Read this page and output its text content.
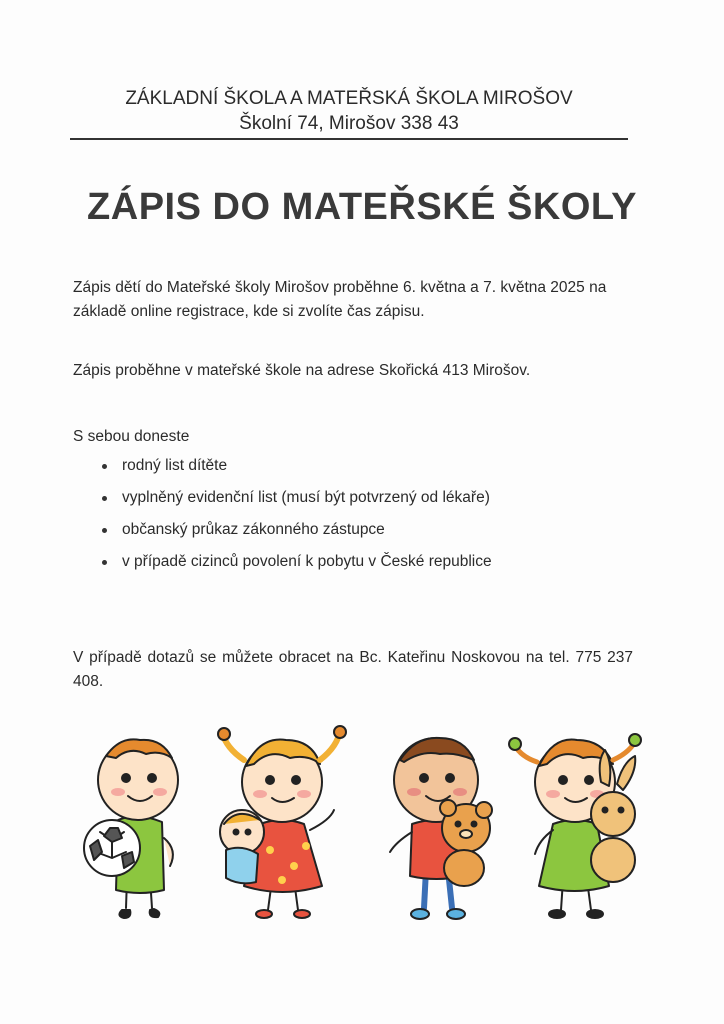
ZÁKLADNÍ ŠKOLA A MATEŘSKÁ ŠKOLA MIROŠOV
Školní 74, Mirošov 338 43
ZÁPIS DO MATEŘSKÉ ŠKOLY
Zápis dětí do Mateřské školy Mirošov proběhne 6. května a 7. května 2025 na základě online registrace, kde si zvolíte čas zápisu.
Zápis proběhne v mateřské škole na adrese Skořická 413 Mirošov.
S sebou doneste
rodný list dítěte
vyplněný evidenční list (musí být potvrzený od lékaře)
občanský průkaz zákonného zástupce
v případě cizinců povolení k pobytu v České republice
V případě dotazů se můžete obracet na Bc. Kateřinu Noskovou na tel. 775 237 408.
